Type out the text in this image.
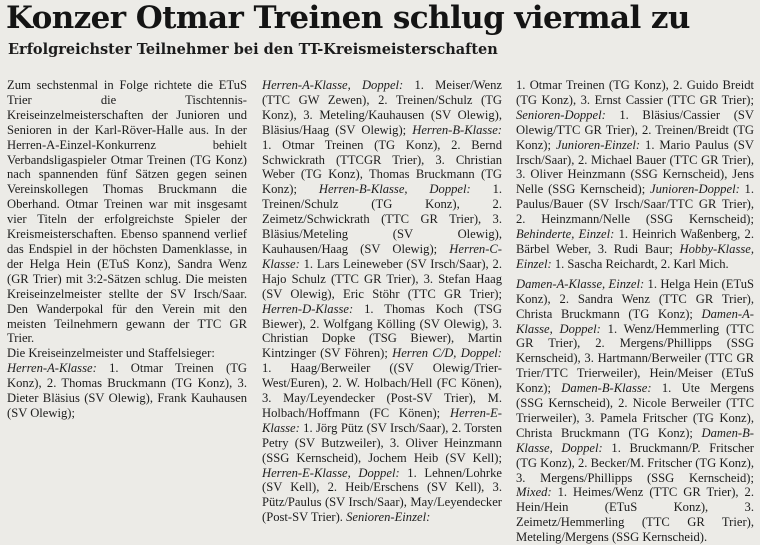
Konzer Otmar Treinen schlug viermal zu
Erfolgreichster Teilnehmer bei den TT-Kreismeisterschaften

Zum sechstenmal in Folge richtete die ETuS Trier die Tischtennis-Kreiseinzelmeisterschaften der Junioren und Senioren in der Karl-Röver-Halle aus. In der Herren-A-Einzel-Konkurrenz behielt Verbandsligaspieler Otmar Treinen (TG Konz) nach spannenden fünf Sätzen gegen seinen Vereinskollegen Thomas Bruckmann die Oberhand. Otmar Treinen war mit insgesamt vier Titeln der erfolgreichste Spieler der Kreismeisterschaften. Ebenso spannend verlief das Endspiel in der höchsten Damenklasse, in der Helga Hein (ETuS Konz), Sandra Wenz (GR Trier) mit 3:2-Sätzen schlug. Die meisten Kreiseinzelmeister stellte der SV Irsch/Saar. Den Wanderpokal für den Verein mit den meisten Teilnehmern gewann der TTC GR Trier.

Die Kreiseinzelmeister und Staffelsieger:

Herren-A-Klasse: 1. Otmar Treinen (TG Konz), 2. Thomas Bruckmann (TG Konz), 3. Dieter Bläsius (SV Olewig), Frank Kauhausen (SV Olewig);

Herren-A-Klasse, Doppel: 1. Meiser/Wenz (TTC GW Zewen), 2. Treinen/Schulz (TG Konz), 3. Meteling/Kauhausen (SV Olewig), Bläsius/Haag (SV Olewig); Herren-B-Klasse: 1. Otmar Treinen (TG Konz), 2. Bernd Schwickrath (TTCGR Trier), 3. Christian Weber (TG Konz), Thomas Bruckmann (TG Konz); Herren-B-Klasse, Doppel: 1. Treinen/Schulz (TG Konz), 2. Zeimetz/Schwickrath (TTC GR Trier), 3. Bläsius/Meteling (SV Olewig), Kauhausen/Haag (SV Olewig); Herren-C-Klasse: 1. Lars Leineweber (SV Irsch/Saar), 2. Hajo Schulz (TTC GR Trier), 3. Stefan Haag (SV Olewig), Eric Stöhr (TTC GR Trier); Herren-D-Klasse: 1. Thomas Koch (TSG Biewer), 2. Wolfgang Kölling (SV Olewig), 3. Christian Dopke (TSG Biewer), Martin Kintzinger (SV Föhren); Herren C/D, Doppel: 1. Haag/Berweiler ((SV Olewig/Trier-West/Euren), 2. W. Holbach/Hell (FC Könen), 3. May/Leyendecker (Post-SV Trier), M. Holbach/Hoffmann (FC Könen); Herren-E-Klasse: 1. Jörg Pütz (SV Irsch/Saar), 2. Torsten Petry (SV Butzweiler), 3. Oliver Heinzmann (SSG Kernscheid), Jochem Heib (SV Kell); Herren-E-Klasse, Doppel: 1. Lehnen/Lohrke (SV Kell), 2. Heib/Erschens (SV Kell), 3. Pütz/Paulus (SV Irsch/Saar), May/Leyendecker (Post-SV Trier). Senioren-Einzel:

1. Otmar Treinen (TG Konz), 2. Guido Breidt (TG Konz), 3. Ernst Cassier (TTC GR Trier); Senioren-Doppel: 1. Bläsius/Cassier (SV Olewig/TTC GR Trier), 2. Treinen/Breidt (TG Konz); Junioren-Einzel: 1. Mario Paulus (SV Irsch/Saar), 2. Michael Bauer (TTC GR Trier), 3. Oliver Heinzmann (SSG Kernscheid), Jens Nelle (SSG Kernscheid); Junioren-Doppel: 1. Paulus/Bauer (SV Irsch/Saar/TTC GR Trier), 2. Heinzmann/Nelle (SSG Kernscheid); Behinderte, Einzel: 1. Heinrich Waßenberg, 2. Bärbel Weber, 3. Rudi Baur; Hobby-Klasse, Einzel: 1. Sascha Reichardt, 2. Karl Mich.

Damen-A-Klasse, Einzel: 1. Helga Hein (ETuS Konz), 2. Sandra Wenz (TTC GR Trier), Christa Bruckmann (TG Konz); Damen-A-Klasse, Doppel: 1. Wenz/Hemmerling (TTC GR Trier), 2. Mergens/Phillipps (SSG Kernscheid), 3. Hartmann/Berweiler (TTC GR Trier/TTC Trierweiler), Hein/Meiser (ETuS Konz); Damen-B-Klasse: 1. Ute Mergens (SSG Kernscheid), 2. Nicole Berweiler (TTC Trierweiler), 3. Pamela Fritscher (TG Konz), Christa Bruckmann (TG Konz); Damen-B-Klasse, Doppel: 1. Bruckmann/P. Fritscher (TG Konz), 2. Becker/M. Fritscher (TG Konz), 3. Mergens/Phillipps (SSG Kernscheid); Mixed: 1. Heimes/Wenz (TTC GR Trier), 2. Hein/Hein (ETuS Konz), 3. Zeimetz/Hemmerling (TTC GR Trier), Meteling/Mergens (SSG Kernscheid).
